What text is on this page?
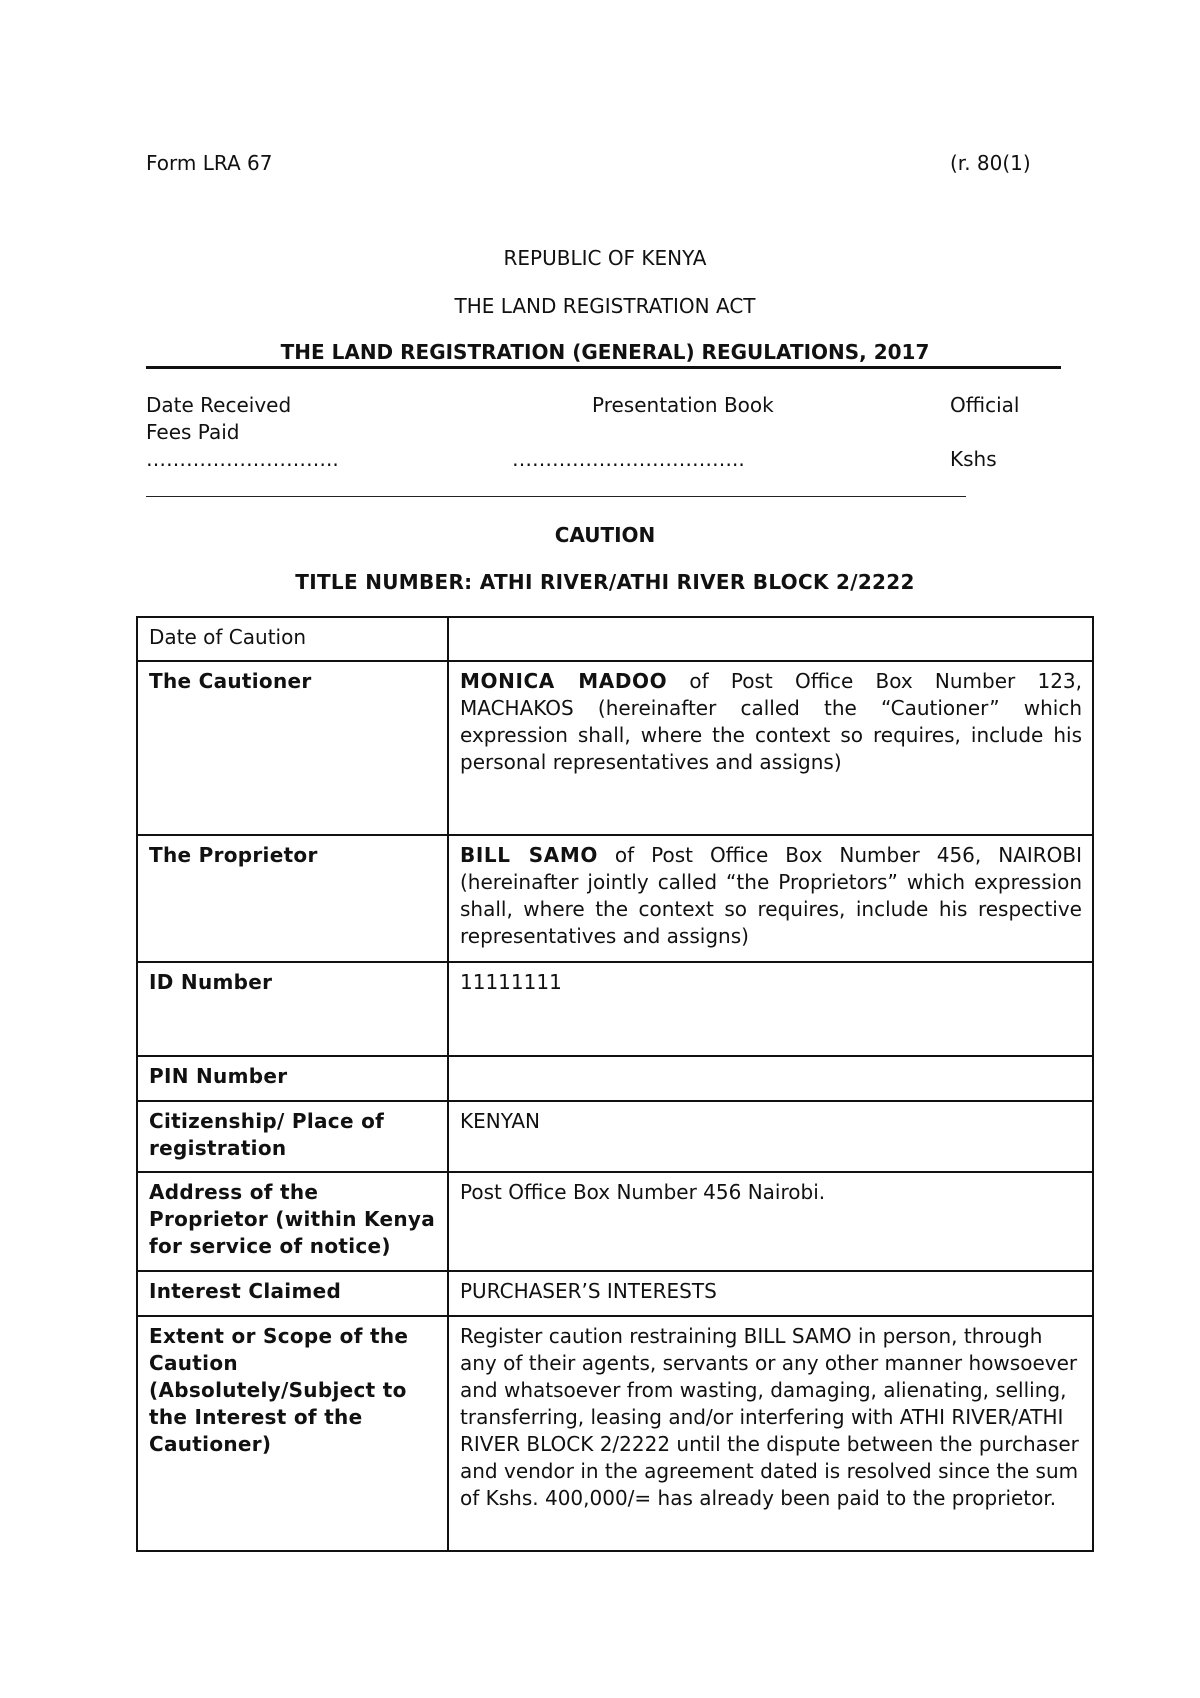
Form LRA 67	(r. 80(1)
REPUBLIC OF KENYA
THE LAND REGISTRATION ACT
THE LAND REGISTRATION (GENERAL) REGULATIONS, 2017
Date Received	Presentation Book	Official
Fees Paid
………………………..	……………………………..	Kshs
CAUTION
TITLE NUMBER: ATHI RIVER/ATHI RIVER BLOCK 2/2222
Date of Caution	
The Cautioner	MONICA MADOO of Post Office Box Number 123, MACHAKOS (hereinafter called the “Cautioner” which expression shall, where the context so requires, include his personal representatives and assigns)
The Proprietor	BILL SAMO of Post Office Box Number 456, NAIROBI (hereinafter jointly called “the Proprietors” which expression shall, where the context so requires, include his respective representatives and assigns)
ID Number	11111111
PIN Number	
Citizenship/ Place of registration	KENYAN
Address of the Proprietor (within Kenya for service of notice)	Post Office Box Number 456 Nairobi.
Interest Claimed	PURCHASER’S INTERESTS
Extent or Scope of the Caution (Absolutely/Subject to the Interest of the Cautioner)	Register caution restraining BILL SAMO in person, through any of their agents, servants or any other manner howsoever and whatsoever from wasting, damaging, alienating, selling, transferring, leasing and/or interfering with ATHI RIVER/ATHI RIVER BLOCK 2/2222 until the dispute between the purchaser and vendor in the agreement dated is resolved since the sum of Kshs. 400,000/= has already been paid to the proprietor.
